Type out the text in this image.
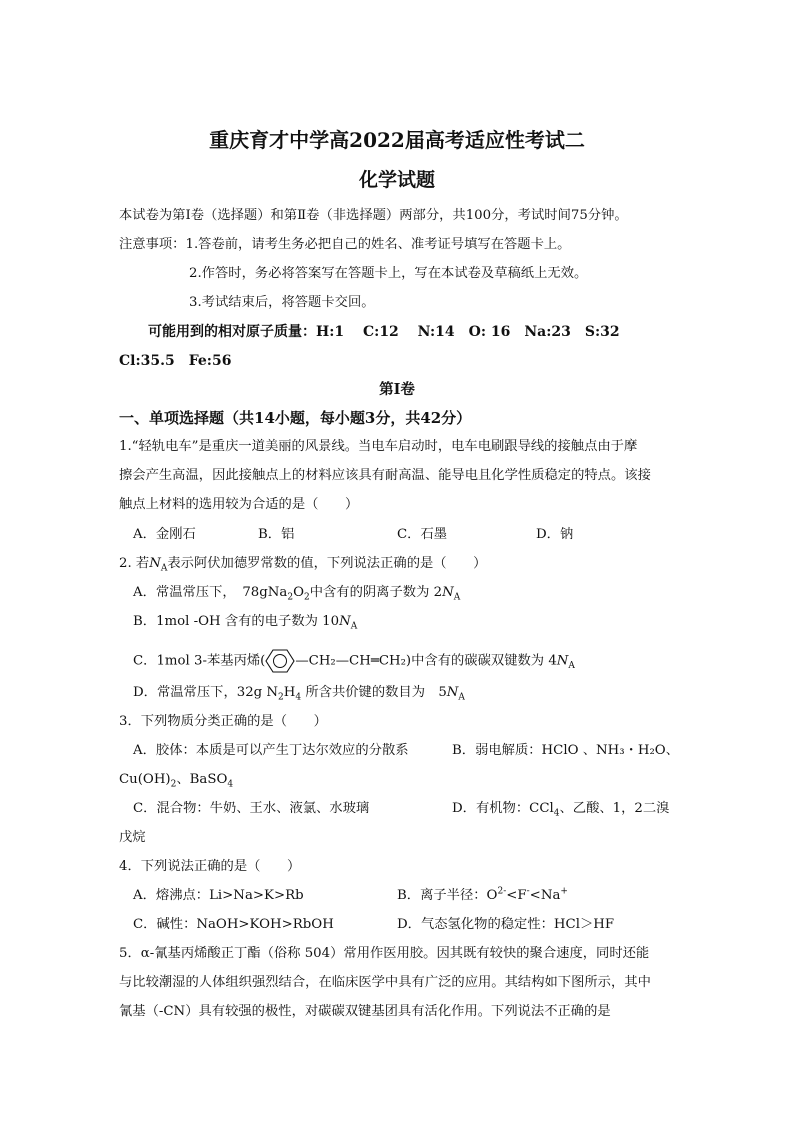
重庆育才中学高2022届高考适应性考试二
化学试题
本试卷为第Ⅰ卷（选择题）和第Ⅱ卷（非选择题）两部分，共100分，考试时间75分钟。
注意事项：1.答卷前，请考生务必把自己的姓名、准考证号填写在答题卡上。
2.作答时，务必将答案写在答题卡上，写在本试卷及草稿纸上无效。
3.考试结束后，将答题卡交回。
可能用到的相对原子质量：H:1　 C:12　 N:14　O: 16　Na:23　S:32
Cl:35.5　Fe:56
第Ⅰ卷
一、单项选择题（共14小题，每小题3分，共42分）
1.“轻轨电车”是重庆一道美丽的风景线。当电车启动时，电车电刷跟导线的接触点由于摩
擦会产生高温，因此接触点上的材料应该具有耐高温、能导电且化学性质稳定的特点。该接
触点上材料的选用较为合适的是（　　）
A．金刚石	B．铝	C．石墨	D．钠
2. 若$N_A$表示阿伏加德罗常数的值，下列说法正确的是（　　）
A．常温常压下，　$78gNa_2O_2$中含有的阴离子数为 $2N_A$
B．1mol -OH 含有的电子数为 $10N_A$
C．1mol 3-苯基丙烯( —CH₂—CH═CH₂)中含有的碳碳双键数为 $4N_A$
D．常温常压下，32g $N_2H_4$ 所含共价键的数目为　$5N_A$
3．下列物质分类正确的是（　　）
A．胶体：本质是可以产生丁达尔效应的分散系	B．弱电解质：HClO 、NH₃・H₂O、
$Cu(OH)_2$、BaSO$_4$
C．混合物：牛奶、王水、液氯、水玻璃	D．有机物：CCl$_4$、乙酸、1，2二溴
戊烷
4．下列说法正确的是（　　）
A．熔沸点：Li>Na>K>Rb	B．离子半径：$O^{2-}<F^-<Na^+$
C．碱性：NaOH>KOH>RbOH	D．气态氢化物的稳定性：HCl＞HF
5．α-氰基丙烯酸正丁酯（俗称 504）常用作医用胶。因其既有较快的聚合速度，同时还能
与比较潮湿的人体组织强烈结合，在临床医学中具有广泛的应用。其结构如下图所示，其中
氰基（-CN）具有较强的极性，对碳碳双键基团具有活化作用。下列说法不正确的是
